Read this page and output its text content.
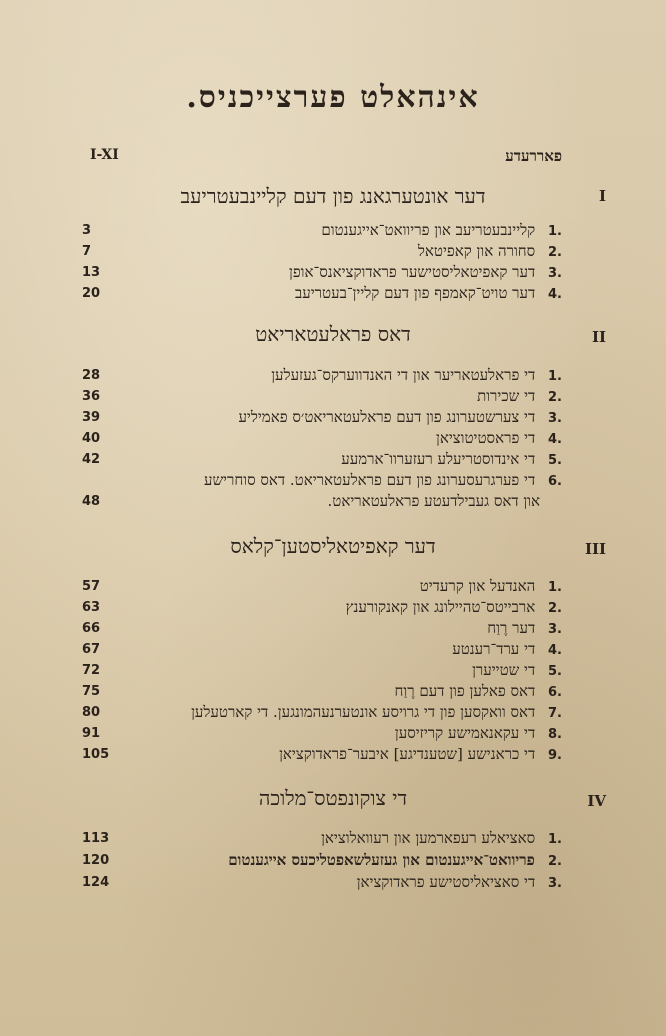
אינהאלט פערצייכניס.
פאררעדע
I-XI
I
דער אונטערגאנג פון דעם קליינבעטריעב
3	.1 קליינבעטריעב און פריוואט־אייגענטום
7	.2 סחורה און קאפיטאל
13	.3 דער קאפיטאליסטישער פראדוקציאנס־אופן
20	.4 דער טויט־קאמפף פון דעם קליין־בעטריעב
II
דאס פראלעטאריאט
28	.1 די פראלעטאריער און די האנדווערקס־געזעלען
36	.2 די שכירות
39	.3 די צערשטערונג פון דעם פראלעטאריאט׳ס פאמיליע
40	.4 די פראסטיטוציאן
42	.5 די אינדוסטריעלע רעזערוו־ארמעע
.6 די פערגרעסערונג פון דעם פראלעטאריאט. דאס סוחרישע
48	און דאס געבילדעטע פראלעטאריאט.
III
דער קאפיטאליסטען־קלאס
57	.1 האנדעל און קרעדיט
63	.2 ארבייטס־טהיילונג און קאנקורענץ
66	.3 דער רֶוַח
67	.4 די ערד־רענטע
72	.5 די שטייערן
75	.6 דאס פאלען פון דעם רֶוַח
80	.7 דאס וואקסען פון די גרויסע אונטערנעהמונגען. די קארטעלען
91	.8 די עקאנאמישע קריזיסען
105	.9 די כראנישע [שטענדיגע] איבער־פראדוקציאן
IV
די צוקונפטס־מלוכה
113	.1 סאציאלע רעפארמען און רעוואלוציאן
120	.2 פריוואט־אייגענטום און געזעלשאפטליכעס אייגענטום
124	.3 די סאציאליסטישע פראדוקציאן
